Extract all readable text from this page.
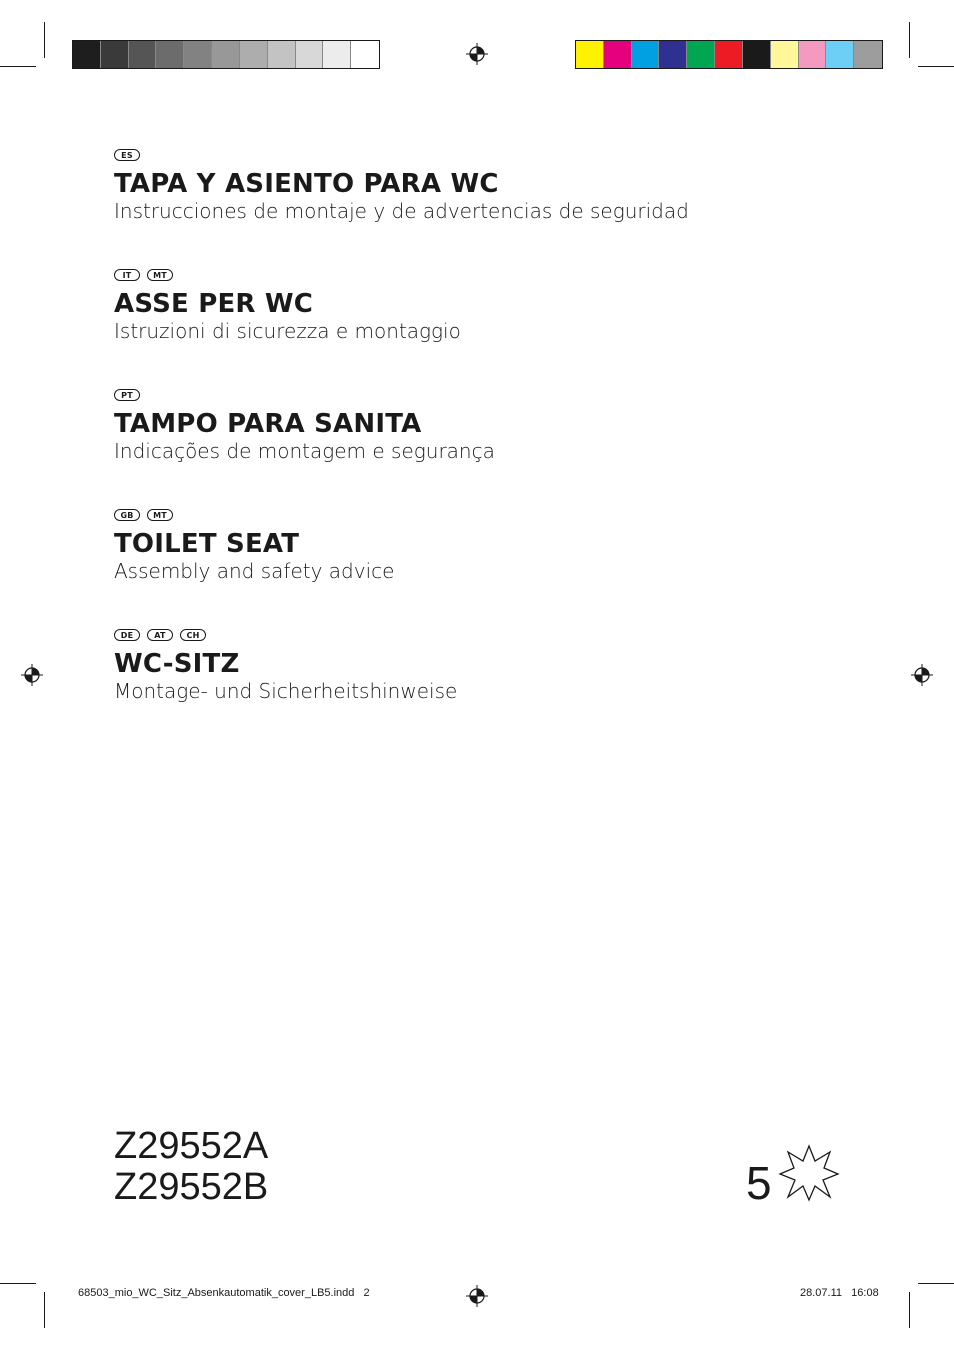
ES
TAPA Y ASIENTO PARA WC
Instrucciones de montaje y de advertencias de seguridad
IT	MT
ASSE PER WC
Istruzioni di sicurezza e montaggio
PT
TAMPO PARA SANITA
Indicações de montagem e segurança
GB	MT
TOILET SEAT
Assembly and safety advice
DE	AT	CH
WC-SITZ
Montage- und Sicherheitshinweise
Z29552A
Z29552B	5
68503_mio_WC_Sitz_Absenkautomatik_cover_LB5.indd   2	28.07.11   16:08
